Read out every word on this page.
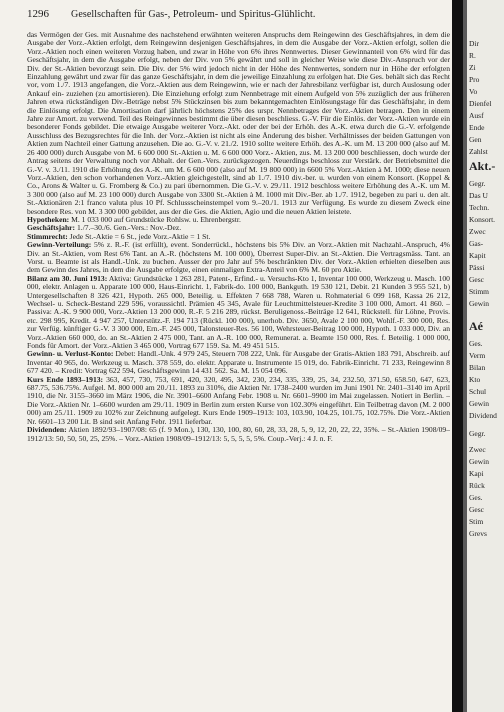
1296 Gesellschaften für Gas-, Petroleum- und Spiritus-Glühlicht.

das Vermögen der Ges. mit Ausnahme des nachstehend erwähnten weiteren Anspruchs dem Reingewinn des Geschäftsjahres, in dem die Ausgabe der Vorz.-Aktien erfolgt, dem Reingewinn desjenigen Geschäftsjahres, in dem die Ausgabe der Vorz.-Aktien erfolgt, sollen die Vorz.-Aktien noch einen weiteren Vorzug haben, und zwar in Höhe von 6% ihres Nennwertes. Dieser Gewinnanteil von 6% wird für das Geschäftsjahr, in dem die Ausgabe erfolgt, neben der Div. von 5% gewährt und soll in gleicher Weise wie diese Div.-Anspruch vor der Div. der St.-Aktien bevorzugt sein. Die Div. der 5% wird jedoch nicht in der Höhe des Nennwertes, sondern nur in Höhe der erfolgten Einzahlung gewährt und zwar für das ganze Geschäftsjahr, in dem die jeweilige Einzahlung zu erfolgen hat. Die Ges. behält sich das Recht vor, vom 1./7. 1913 angefangen, die Vorz.-Aktien aus dem Reingewinn, wie er nach der Jahresbilanz verfügbar ist, durch Auslosung oder Ankauf ein- zuziehen (zu amortisieren). Die Einziehung erfolgt zum Nennbetrage mit einem Aufgeld von 5% zuzüglich der aus früheren Jahren etwa rückständigen Div.-Beträge nebst 5% Stückzinsen bis zum bekanntgemachten Einlösungstage für das Geschäftsjahr, in dem die Einlösung erfolgt. Die Amortisation darf jährlich höchstens 25% des urspr. Nennbetrages der Vorz.-Aktien betragen. Den in einem Jahre zur Amort. zu verwend. Teil des Reingewinnes bestimmt die über diesen beschliess. G.-V. Für die Einlös. der Vorz.-Aktien wurde ein besonderer Fonds gebildet. Die etwaige Ausgabe weiterer Vorz.-Akt. oder der bei der Erhöh. des A.-K. etwa durch die G.-V. erfolgende Ausschluss des Bezugsrechtes für die Inh. der Vorz.-Aktien ist nicht als eine Änderung des bisher. Verhältnisses der beiden Gattungen von Aktien zum Nachteil einer Gattung anzusehen. Die ao. G.-V. v. 21./2. 1910 sollte weitere Erhöh. des A.-K. um M. 13 200 000 (also auf M. 26 400 000) durch Ausgabe von M. 6 600 000 St.-Aktien u. M. 6 600 000 Vorz.- Aktien, zus. M. 13 200 000 beschliessen, doch wurde der Antrag seitens der Verwaltung noch vor Abhalt. der Gen.-Vers. zurückgezogen. Neuerdings beschloss zur Verstärk. der Betriebsmittel die G.-V. v. 3./11. 1910 die Erhöhung des A.-K. um M. 6 600 000 (also auf M. 19 800 000) in 6600 5% Vorz.-Aktien à M. 1000; diese neuen Vorz.-Aktien, den schon vorhandenen Vorz.-Aktien gleichgestellt, sind ab 1./7. 1910 div.-ber. u. wurden von einem Konsort. (Koppel & Co., Arons & Walter u. G. Fromberg & Co.) zu pari übernommen. Die G.-V. v. 29./11. 1912 beschloss weitere Erhöhung des A.-K. um M. 3 300 000 (also auf M. 23 100 000) durch Ausgabe von 3300 St.-Aktien à M. 1000 mit Div.-Ber. ab 1./7. 1912, begeben zu pari u. den alt. St.-Aktionären 2:1 franco valuta plus 10 Pf. Schlussscheinstempel vom 9.–20./1. 1913 zur Verfügung. Es wurde zu diesem Zweck eine besondere Res. von M. 3 300 000 gebildet, aus der die Ges. die Aktien, Agio und die neuen Aktien leistete.

Hypotheken: M. 1 033 000 auf Grundstücke Rohlsw. u. Ehrenbergstr.

Geschäftsjahr: 1./7.–30./6. Gen.-Vers.: Nov.-Dez.

Stimmrecht: Jede St.-Aktie = 6 St., jede Vorz.-Aktie = 1 St.

Gewinn-Verteilung: 5% z. R.-F. (ist erfüllt), event. Sonderrückl., höchstens bis 5% Div. an Vorz.-Aktien mit Nachzahl.-Anspruch, 4% Div. an St.-Aktien, vom Rest 6% Tant. an A.-R. (höchstens M. 100 000), Überrest Super-Div. an St.-Aktien. Die Vertragsmäss. Tant. an Vorst. u. Beamte ist als Handl.-Unk. zu buchen. Ausser der pro Jahr auf 5% beschränkten Div. der Vorz.-Aktien erhielten dieselben aus dem Gewinn des Jahres, in dem die Ausgabe erfolgte, einen einmaligen Extra-Anteil von 6% M. 60 pro Aktie.

Bilanz am 30. Juni 1913: Aktiva: Grundstücke 1 263 281, Patent-, Erfind.- u. Versuchs-Kto 1, Inventar 100 000, Werkzeug u. Masch. 100 000, elektr. Anlagen u. Apparate 100 000, Haus-Einricht. 1, Fabrik-do. 100 000, Bankguth. 19 530 121, Debit. 21 Kunden 3 955 521, b) Untergesellschaften 8 326 421, Hypoth. 265 000, Beteilig. u. Effekten 7 668 788, Waren u. Rohmaterial 6 099 168, Kassa 26 212, Wechsel- u. Scheck-Bestand 229 596, voraussichtl. Prämien 45 345, Avale für Leuchtmittelsteuer-Kredite 3 100 000, Amort. 41 860. – Passiva: A.-K. 9 900 000, Vorz.-Aktien 13 200 000, R.-F. 5 216 289, rückst. Beruligenoss.-Beiträge 12 641, Rückstell. für Löhne, Provis. etc. 298 995, Kredit. 4 947 257, Unterstütz.-F. 194 713 (Rückl. 100 000), unerhob. Div. 3650, Avale 2 100 000, Wohlf.-F. 300 000, Res. zur Verfüg. künftiger G.-V. 3 300 000, Ern.-F. 245 000, Talonsteuer-Res. 56 100, Wehrsteuer-Beitrag 100 000, Hypoth. 1 033 000, Div. an Vorz.-Aktien 660 000, do. an St.-Aktien 2 475 000, Tant. an A.-R. 100 000, Remunerat. a. Beamte 150 000, Res. f. Beteilig. 1 000 000, Fonds für Amort. der Vorz.-Aktien 3 465 000, Vortrag 677 159. Sa. M. 49 451 515.

Gewinn- u. Verlust-Konto: Debet: Handl.-Unk. 4 979 245, Steuern 708 222, Unk. für Ausgabe der Gratis-Aktien 183 791, Abschreib. auf Inventar 40 965, do. Werkzeug u. Masch. 378 559, do. elektr. Apparate u. Instrumente 15 019, do. Fabrik-Einricht. 71 233, Reingewinn 8 677 420. – Kredit: Vortrag 622 594, Geschäftsgewinn 14 431 562. Sa. M. 15 054 096.

Kurs Ende 1893–1913: 363, 457, 730, 753, 691, 420, 320, 495, 342, 230, 234, 335, 339, 25, 34, 232.50, 371.50, 658.50, 647, 623, 687.75, 536.75%. Aufgel. M. 800 000 am 20./11. 1893 zu 310%, die Aktien Nr. 1738–2400 wurden im Juni 1901 Nr. 2401–3140 im April 1910, die Nr. 3155–3660 im März 1906, die Nr. 3901–6600 Anfang Febr. 1908 u. Nr. 6601–9900 im Mai zugelassen. Notiert in Berlin. – Die Vorz.-Aktien Nr. 1–6600 wurden am 29./11. 1909 in Berlin zum ersten Kurse von 102.30% eingeführt. Ein Teilbetrag davon (M. 2 000 000) am 25./11. 1909 zu 102% zur Zeichnung aufgelegt. Kurs Ende 1909–1913: 103, 103.90, 104.25, 101.75, 102.75%. Die Vorz.-Aktien Nr. 6601–13 200 Lit. B sind seit Anfang Febr. 1911 lieferbar.

Dividenden: Aktien 1892/93–1907/08: 65 (f. 9 Mon.), 130, 130, 100, 80, 60, 28, 33, 28, 5, 9, 12, 20, 22, 22, 35%. – St.-Aktien 1908/09–1912/13: 50, 50, 50, 25, 25%. – Vorz.-Aktien 1908/09–1912/13: 5, 5, 5, 5, 5%. Coup.-Verj.: 4 J. n. F.

Dir
R.
Zi
Pro
Vo
Dienfel
Ausf
Ende
Gen
Zahlst
Akt.-
Gegr.
Das U
Techn.
Konsort.
Zwec
Gas-
Kapit
Pässi
Gesc
Stimm
Gewin
Aé
Ges.
Verm
Bilan
Kto
Schul
Gewin
Dividend
Gegr.
Zwec
Gewin
Kapi
Rück
Ges.
Gesc
Stim
Grevs
